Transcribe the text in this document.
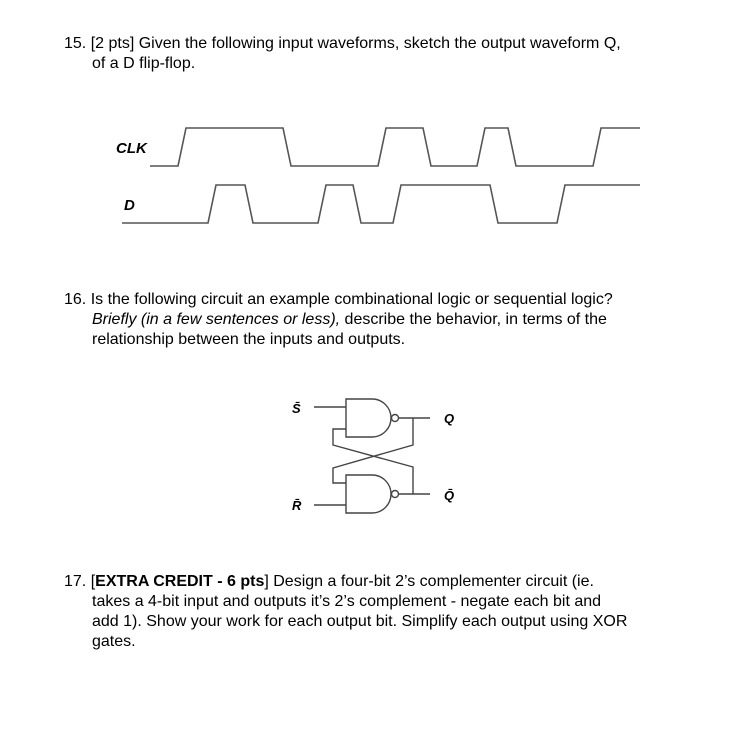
15. [2 pts] Given the following input waveforms, sketch the output waveform Q,
of a D flip-flop.
CLK
D
S̄
R̄
Q
Q̄
16. Is the following circuit an example combinational logic or sequential logic?
Briefly (in a few sentences or less), describe the behavior, in terms of the
relationship between the inputs and outputs.
17. [EXTRA CREDIT - 6 pts] Design a four-bit 2’s complementer circuit (ie.
takes a 4-bit input and outputs it’s 2’s complement - negate each bit and
add 1). Show your work for each output bit. Simplify each output using XOR
gates.
